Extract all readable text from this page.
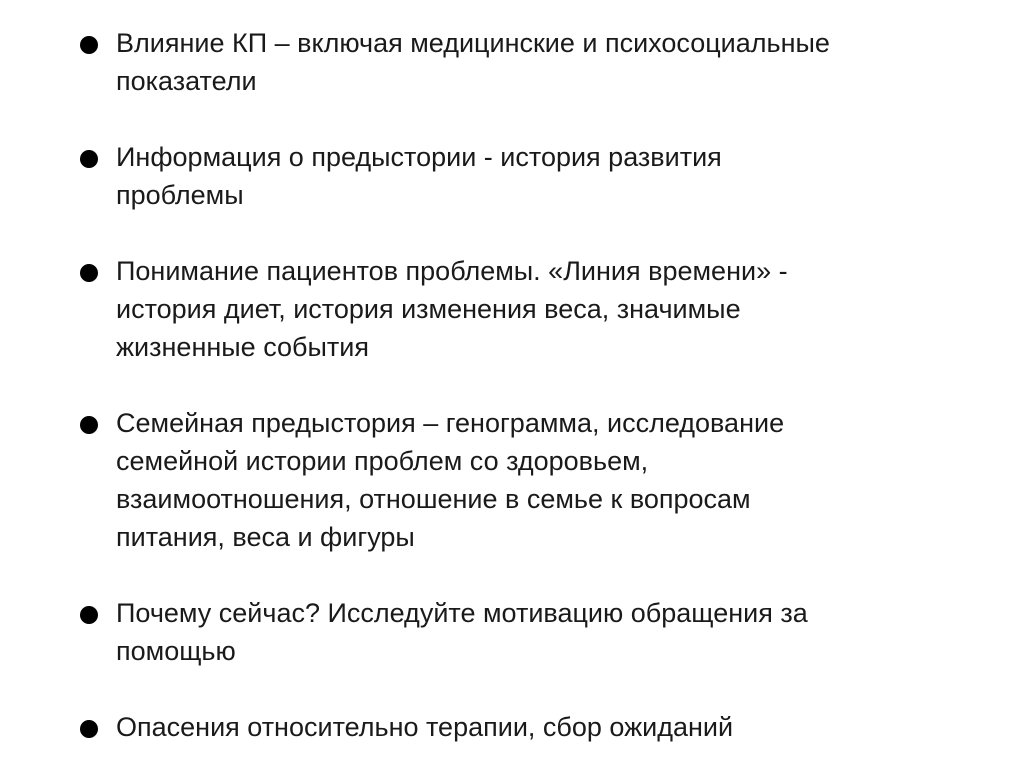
Влияние КП – включая медицинские и психосоциальные
показатели
Информация о предыстории - история развития
проблемы
Понимание пациентов проблемы. «Линия времени» -
история диет, история изменения веса, значимые
жизненные события
Семейная предыстория – генограмма, исследование
семейной истории проблем со здоровьем,
взаимоотношения, отношение в семье к вопросам
питания, веса и фигуры
Почему сейчас? Исследуйте мотивацию обращения за
помощью
Опасения относительно терапии, сбор ожиданий
